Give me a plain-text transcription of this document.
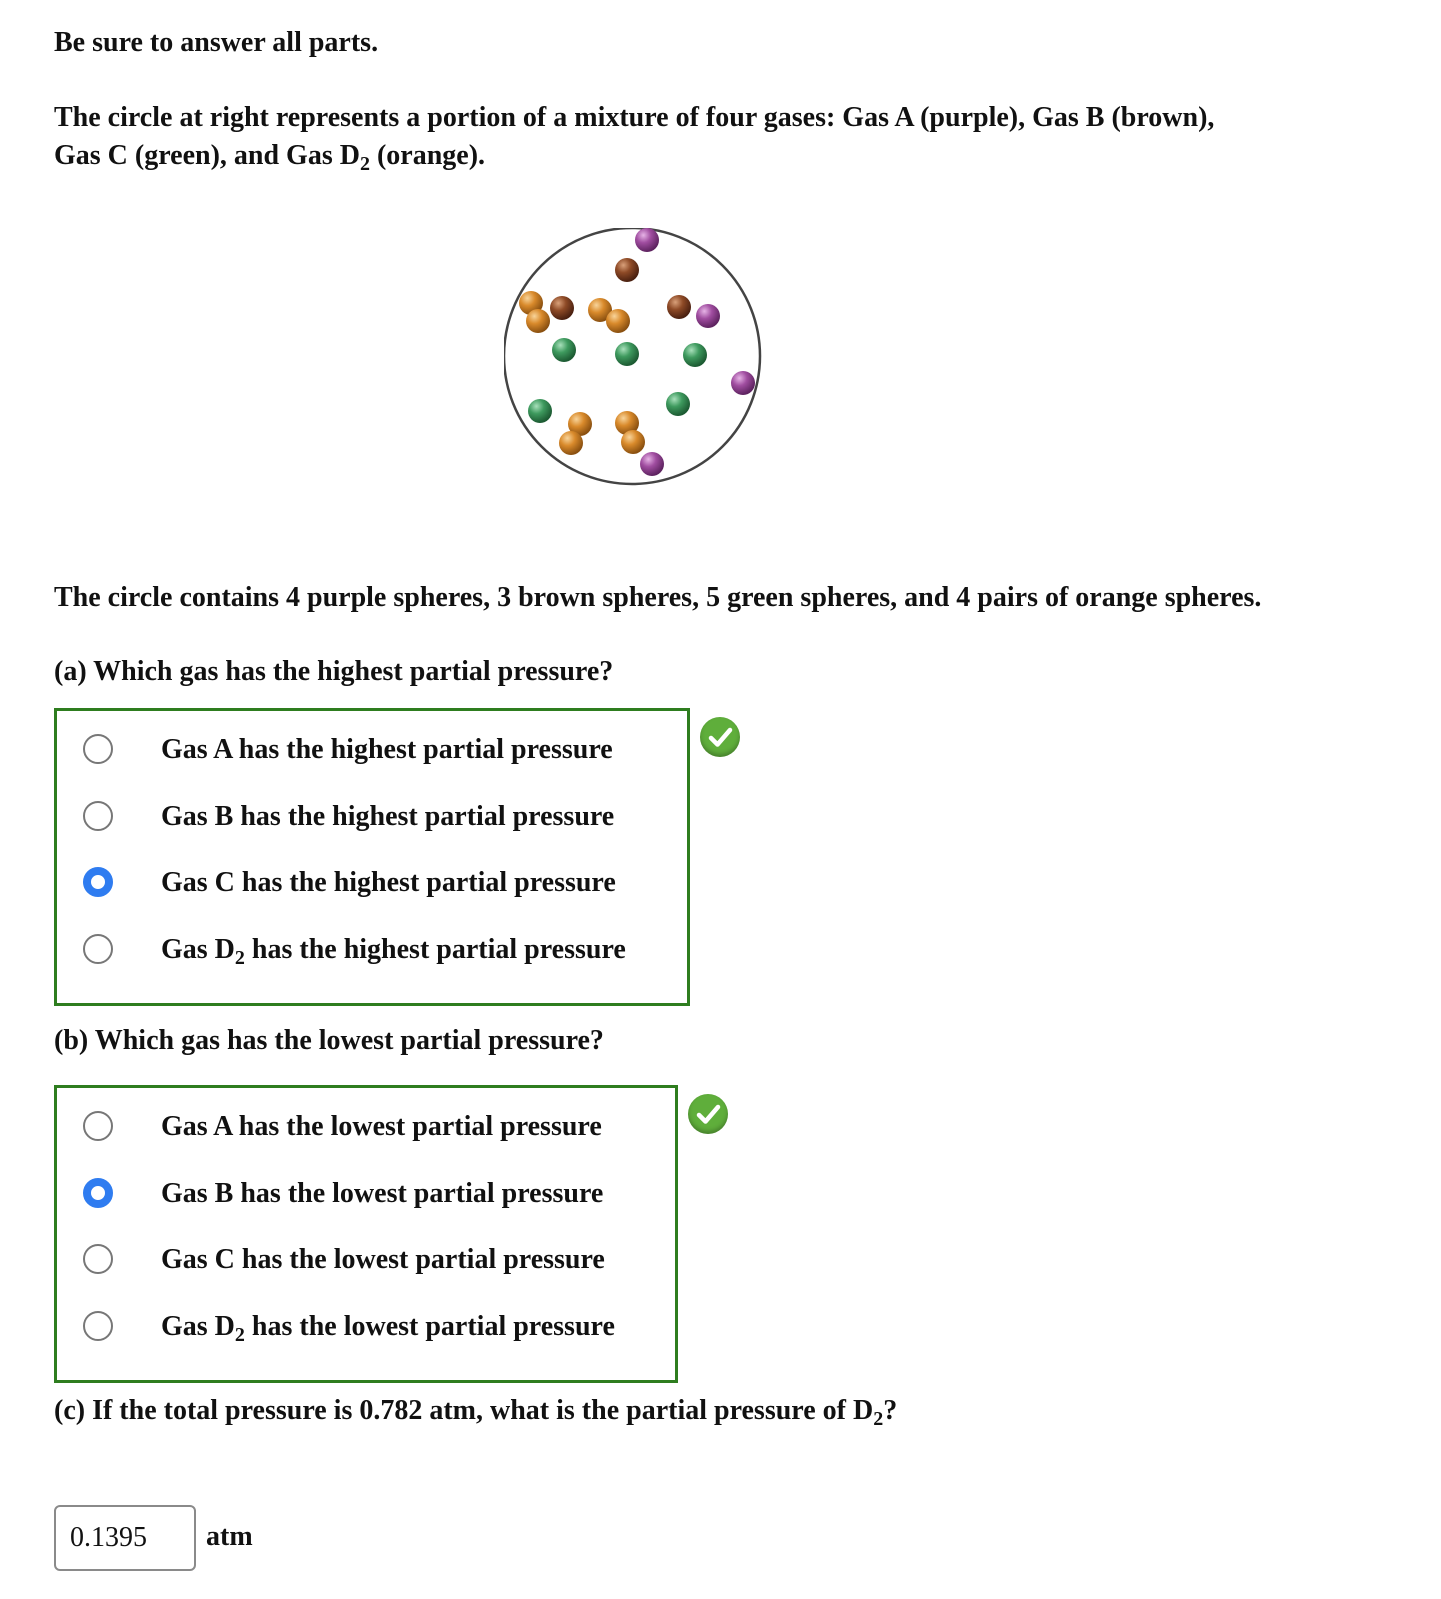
Be sure to answer all parts.
The circle at right represents a portion of a mixture of four gases: Gas A (purple), Gas B (brown),
Gas C (green), and Gas $D_2$ (orange).
The circle contains 4 purple spheres, 3 brown spheres, 5 green spheres, and 4 pairs of orange spheres.
(a) Which gas has the highest partial pressure?
Gas A has the highest partial pressure
Gas B has the highest partial pressure
Gas C has the highest partial pressure
Gas $D_2$ has the highest partial pressure
(b) Which gas has the lowest partial pressure?
Gas A has the lowest partial pressure
Gas B has the lowest partial pressure
Gas C has the lowest partial pressure
Gas $D_2$ has the lowest partial pressure
(c) If the total pressure is 0.782 atm, what is the partial pressure of $D_2$?
0.1395
atm
